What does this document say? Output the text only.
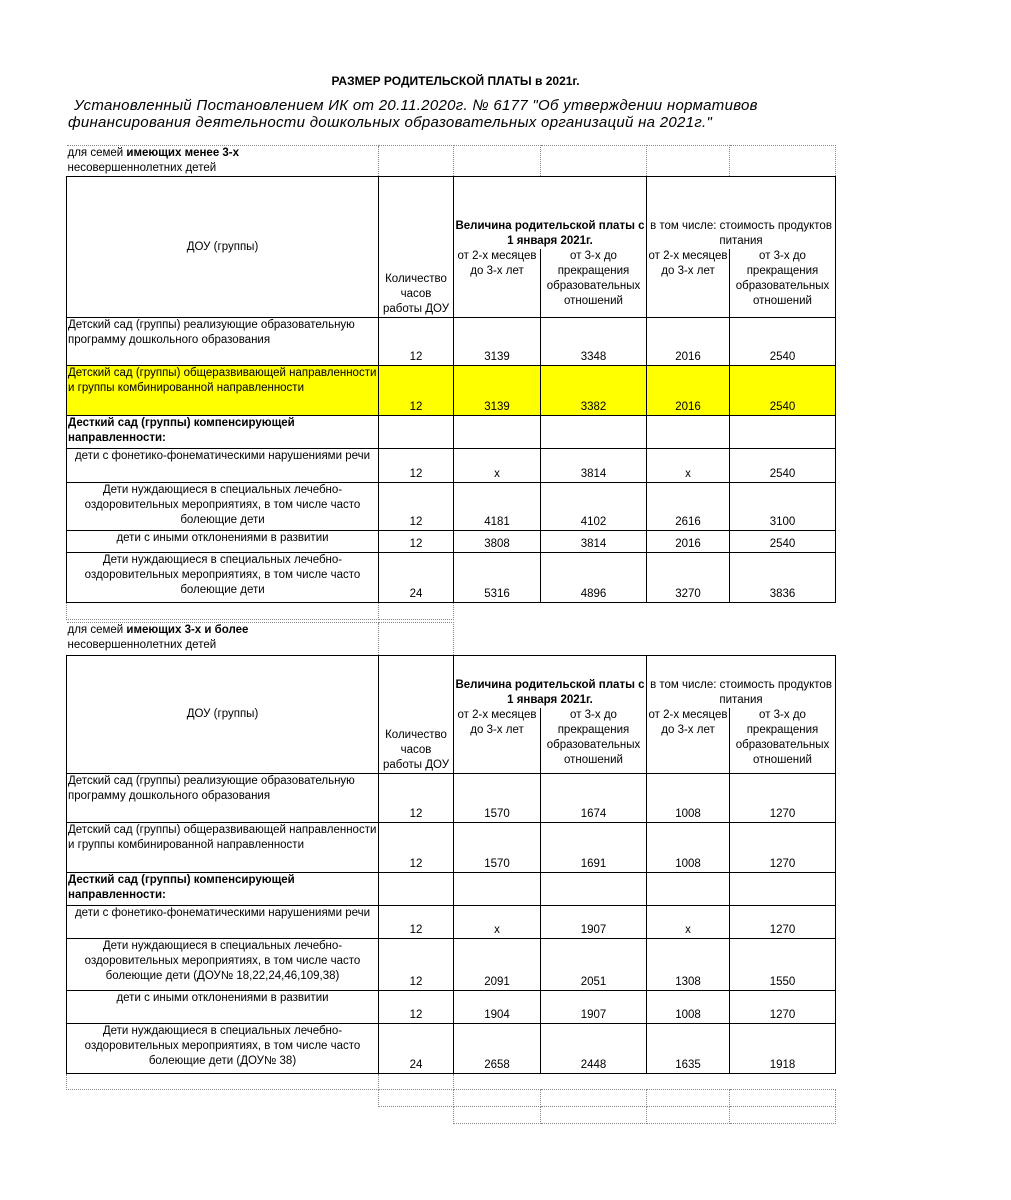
РАЗМЕР РОДИТЕЛЬСКОЙ ПЛАТЫ в 2021г.
Установленный Постановлением ИК от 20.11.2020г. № 6177 "Об утверждении нормативов
финансирования деятельности дошкольных образовательных организаций на 2021г."
для семей имеющих менее 3-х
несовершеннолетних детей					
ДОУ (группы)	Количество часов работы ДОУ	Величина родительской платы с 1 января 2021г.		в том числе: стоимость продуктов питания	
		от 2-х месяцев до 3-х лет	от 3-х до прекращения образовательных отношений	от 2-х месяцев до 3-х лет	от 3-х до прекращения образовательных отношений
Детский сад (группы) реализующие образовательную программу дошкольного образования	12	3139	3348	2016	2540
Детский сад (группы) общеразвивающей направленности и группы комбинированной направленности	12	3139	3382	2016	2540
Десткий сад (группы) компенсирующей направленности:					
дети с фонетико-фонематическими нарушениями речи	12	х	3814	х	2540
Дети нуждающиеся в специальных лечебно-оздоровительных мероприятиях, в том числе часто болеющие дети	12	4181	4102	2616	3100
дети с иными отклонениями в развитии	12	3808	3814	2016	2540
Дети нуждающиеся в специальных лечебно-оздоровительных мероприятиях, в том числе часто болеющие дети	24	5316	4896	3270	3836

для семей имеющих 3-х и более
несовершеннолетних детей					
ДОУ (группы)	Количество часов работы ДОУ	Величина родительской платы с 1 января 2021г.		в том числе: стоимость продуктов питания	
		от 2-х месяцев до 3-х лет	от 3-х до прекращения образовательных отношений	от 2-х месяцев до 3-х лет	от 3-х до прекращения образовательных отношений
Детский сад (группы) реализующие образовательную программу дошкольного образования	12	1570	1674	1008	1270
Детский сад (группы) общеразвивающей направленности и группы комбинированной направленности	12	1570	1691	1008	1270
Десткий сад (группы) компенсирующей направленности:					
дети с фонетико-фонематическими нарушениями речи	12	х	1907	х	1270
Дети нуждающиеся в специальных лечебно-оздоровительных мероприятиях, в том числе часто болеющие дети (ДОУ№ 18,22,24,46,109,38)	12	2091	2051	1308	1550
дети с иными отклонениями в развитии	12	1904	1907	1008	1270
Дети нуждающиеся в специальных лечебно-оздоровительных мероприятиях, в том числе часто болеющие дети (ДОУ№ 38)	24	2658	2448	1635	1918
